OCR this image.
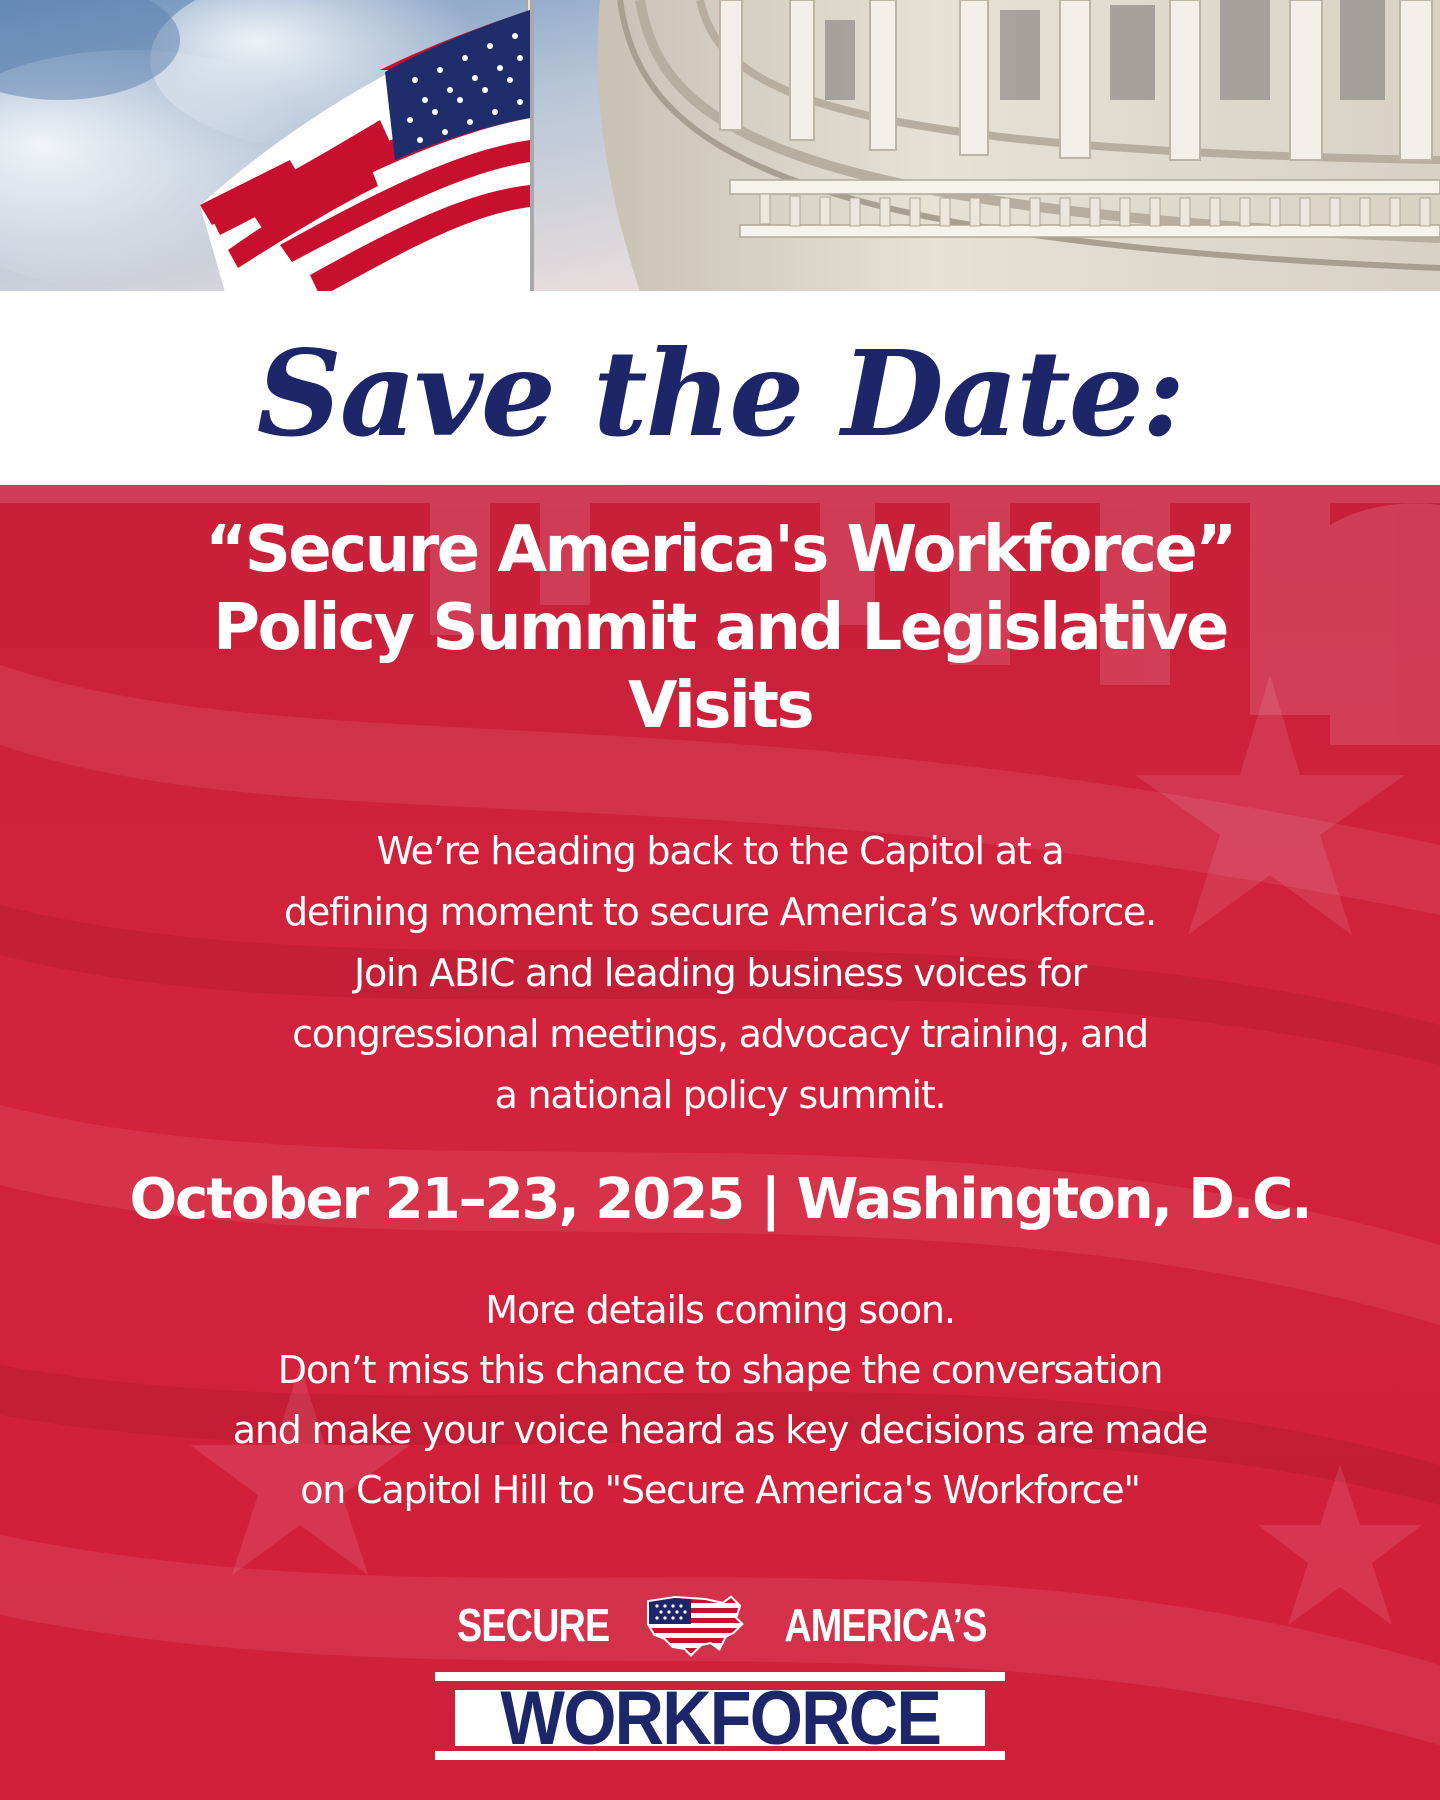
Save the Date:
“Secure America's Workforce”
Policy Summit and Legislative
Visits

We’re heading back to the Capitol at a
defining moment to secure America’s workforce.
Join ABIC and leading business voices for
congressional meetings, advocacy training, and
a national policy summit.

October 21–23, 2025 | Washington, D.C.

More details coming soon.
Don’t miss this chance to shape the conversation
and make your voice heard as key decisions are made
on Capitol Hill to "Secure America's Workforce"

SECURE	AMERICA’S
WORKFORCE
